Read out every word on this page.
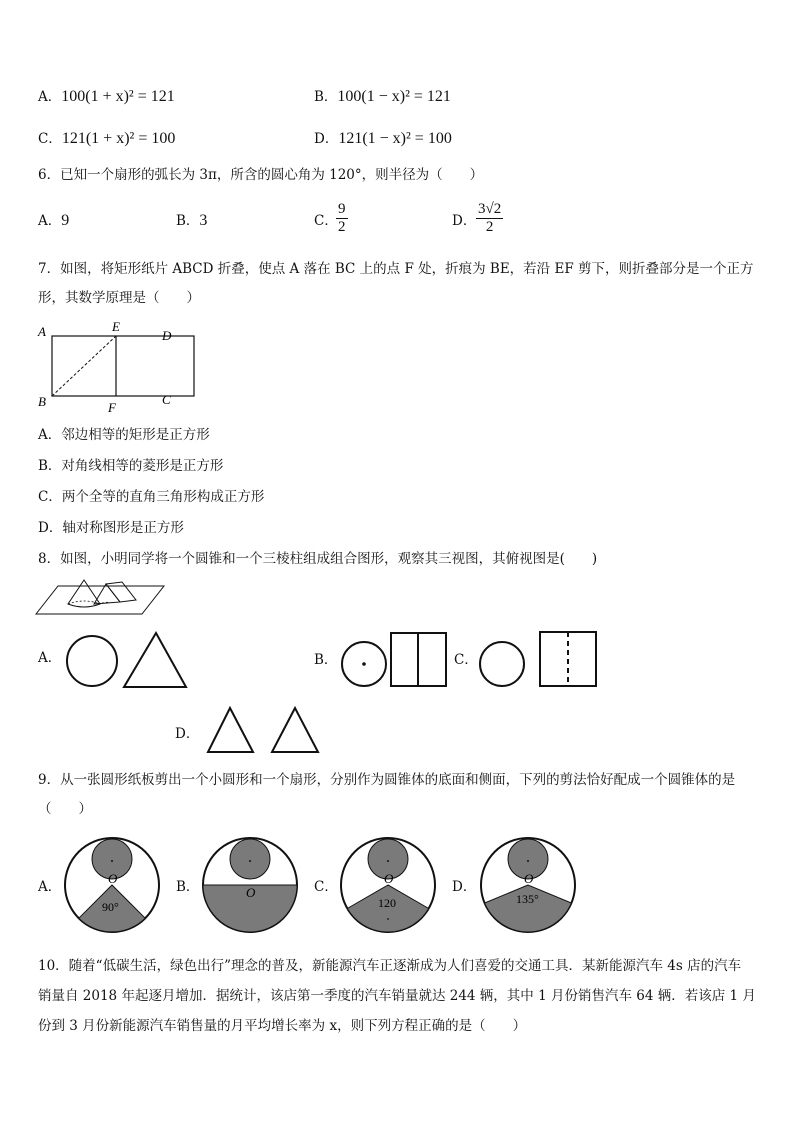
A．100(1 + x)² = 121	B．100(1 − x)² = 121
C．121(1 + x)² = 100	D．121(1 − x)² = 100
6．已知一个扇形的弧长为 3π，所含的圆心角为 120°，则半径为（　　）
A．9	B．3	C．
$\frac{9}{2}$	D． $\frac{3√2}{2}$
7．如图，将矩形纸片 ABCD 折叠，使点 A 落在 BC 上的点 F 处，折痕为 BE，若沿 EF 剪下，则折叠部分是一个正方
形，其数学原理是（　　）
A	E
D
B	F
C
A．邻边相等的矩形是正方形
B．对角线相等的菱形是正方形
C．两个全等的直角三角形构成正方形
D．轴对称图形是正方形
8．如图，小明同学将一个圆锥和一个三棱柱组成组合图形，观察其三视图，其俯视图是(　　)
A．	B．	C．
D．
9．从一张圆形纸板剪出一个小圆形和一个扇形，分别作为圆锥体的底面和侧面，下列的剪法恰好配成一个圆锥体的是
（　　）
A．
O
90°
B．	O	C．
O
120
D．
O
135°
10．随着“低碳生活，绿色出行”理念的普及，新能源汽车正逐渐成为人们喜爱的交通工具．某新能源汽车 4s 店的汽车
销量自 2018 年起逐月增加．据统计，该店第一季度的汽车销量就达 244 辆，其中 1 月份销售汽车 64 辆．若该店 1 月
份到 3 月份新能源汽车销售量的月平均增长率为 x，则下列方程正确的是（　　）
